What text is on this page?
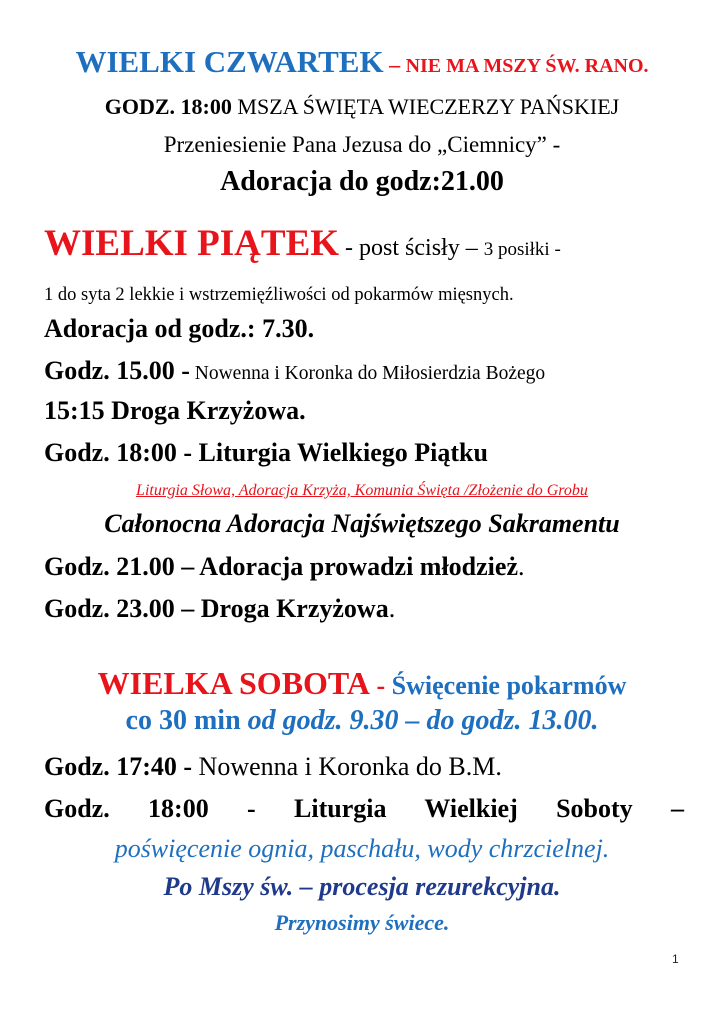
WIELKI CZWARTEK – NIE MA MSZY ŚW. RANO.
GODZ. 18:00 MSZA ŚWIĘTA WIECZERZY PAŃSKIEJ
Przeniesienie Pana Jezusa do „Ciemnicy” -
Adoracja do godz:21.00
WIELKI PIĄTEK - post ścisły – 3 posiłki -
1 do syta 2 lekkie i wstrzemięźliwości od pokarmów mięsnych.
Adoracja od godz.: 7.30.
Godz. 15.00 - Nowenna i Koronka do Miłosierdzia Bożego
15:15 Droga Krzyżowa.
Godz. 18:00 - Liturgia Wielkiego Piątku
Liturgia Słowa, Adoracja Krzyża, Komunia Święta /Złożenie do Grobu
Całonocna Adoracja Najświętszego Sakramentu
Godz. 21.00 – Adoracja prowadzi młodzież.
Godz. 23.00 – Droga Krzyżowa.
WIELKA SOBOTA - Święcenie pokarmów
co 30 min od godz. 9.30 – do godz. 13.00.
Godz. 17:40 - Nowenna i Koronka do B.M.
Godz. 18:00 - Liturgia Wielkiej Soboty –
poświęcenie ognia, paschału, wody chrzcielnej.
Po Mszy św. – procesja rezurekcyjna.
Przynosimy świece.
1
